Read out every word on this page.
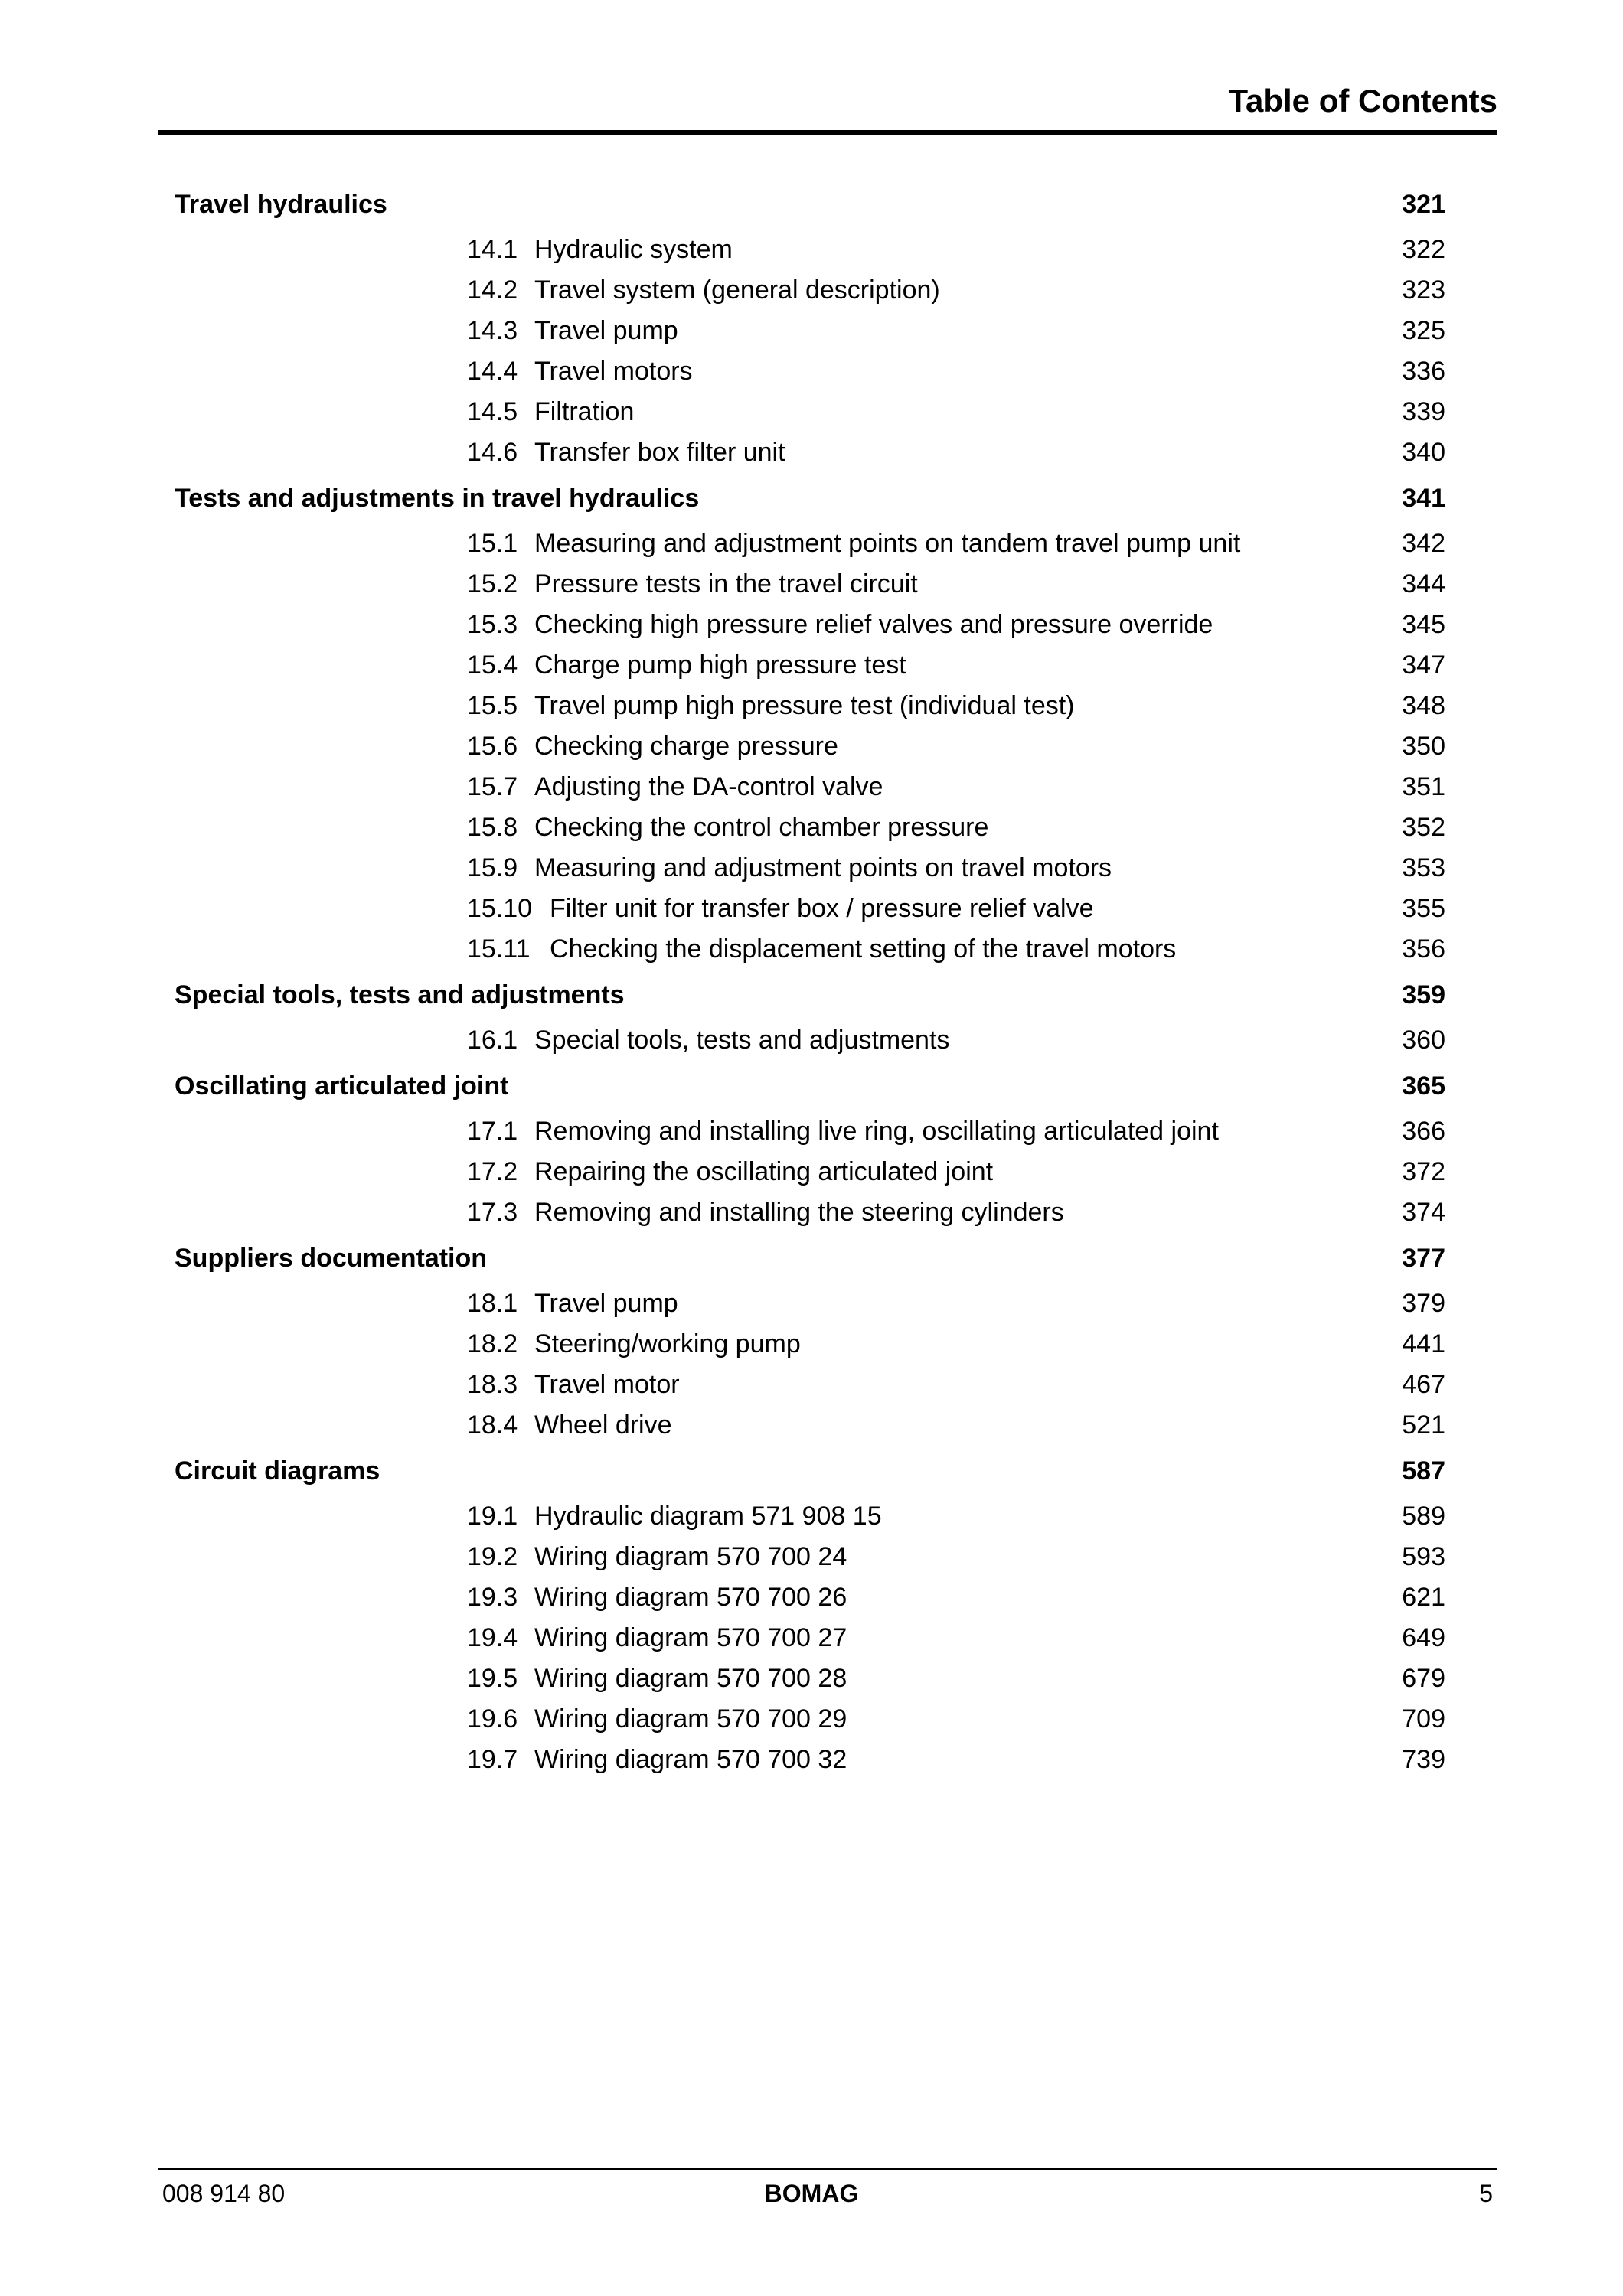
Table of Contents
Travel hydraulics	321
14.1 Hydraulic system	322
14.2 Travel system (general description)	323
14.3 Travel pump	325
14.4 Travel motors	336
14.5 Filtration	339
14.6 Transfer box filter unit	340
Tests and adjustments in travel hydraulics	341
15.1 Measuring and adjustment points on tandem travel pump unit	342
15.2 Pressure tests in the travel circuit	344
15.3 Checking high pressure relief valves and pressure override	345
15.4 Charge pump high pressure test	347
15.5 Travel pump high pressure test (individual test)	348
15.6 Checking charge pressure	350
15.7 Adjusting the DA-control valve	351
15.8 Checking the control chamber pressure	352
15.9 Measuring and adjustment points on travel motors	353
15.10 Filter unit for transfer box / pressure relief valve	355
15.11 Checking the displacement setting of the travel motors	356
Special tools, tests and adjustments	359
16.1 Special tools, tests and adjustments	360
Oscillating articulated joint	365
17.1 Removing and installing live ring, oscillating articulated joint	366
17.2 Repairing the oscillating articulated joint	372
17.3 Removing and installing the steering cylinders	374
Suppliers documentation	377
18.1 Travel pump	379
18.2 Steering/working pump	441
18.3 Travel motor	467
18.4 Wheel drive	521
Circuit diagrams	587
19.1 Hydraulic diagram 571 908 15	589
19.2 Wiring diagram 570 700 24	593
19.3 Wiring diagram 570 700 26	621
19.4 Wiring diagram 570 700 27	649
19.5 Wiring diagram 570 700 28	679
19.6 Wiring diagram 570 700 29	709
19.7 Wiring diagram 570 700 32	739
008 914 80	BOMAG	5
